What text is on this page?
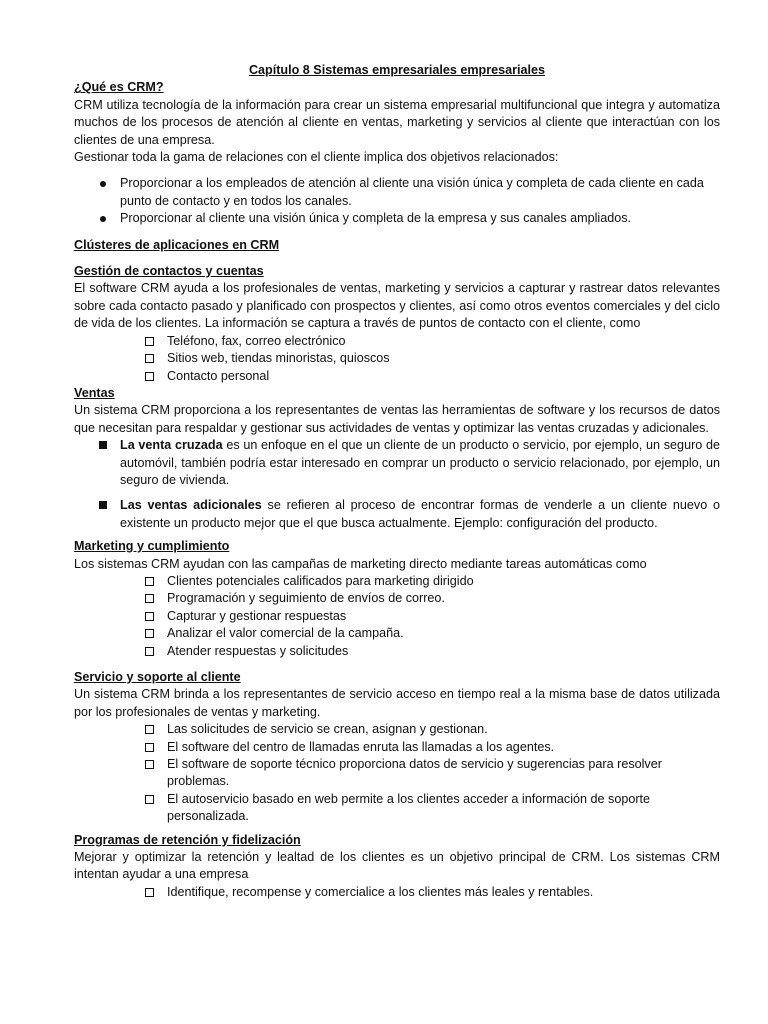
Capítulo 8 Sistemas empresariales empresariales

¿Qué es CRM?

CRM utiliza tecnología de la información para crear un sistema empresarial multifuncional que integra y automatiza muchos de los procesos de atención al cliente en ventas, marketing y servicios al cliente que interactúan con los clientes de una empresa.

Gestionar toda la gama de relaciones con el cliente implica dos objetivos relacionados:

Proporcionar a los empleados de atención al cliente una visión única y completa de cada cliente en cada punto de contacto y en todos los canales.
Proporcionar al cliente una visión única y completa de la empresa y sus canales ampliados.

Clústeres de aplicaciones en CRM

Gestión de contactos y cuentas

El software CRM ayuda a los profesionales de ventas, marketing y servicios a capturar y rastrear datos relevantes sobre cada contacto pasado y planificado con prospectos y clientes, así como otros eventos comerciales y del ciclo de vida de los clientes. La información se captura a través de puntos de contacto con el cliente, como

Teléfono, fax, correo electrónico
Sitios web, tiendas minoristas, quioscos
Contacto personal

Ventas

Un sistema CRM proporciona a los representantes de ventas las herramientas de software y los recursos de datos que necesitan para respaldar y gestionar sus actividades de ventas y optimizar las ventas cruzadas y adicionales.

La venta cruzada es un enfoque en el que un cliente de un producto o servicio, por ejemplo, un seguro de automóvil, también podría estar interesado en comprar un producto o servicio relacionado, por ejemplo, un seguro de vivienda.
Las ventas adicionales se refieren al proceso de encontrar formas de venderle a un cliente nuevo o existente un producto mejor que el que busca actualmente. Ejemplo: configuración del producto.

Marketing y cumplimiento

Los sistemas CRM ayudan con las campañas de marketing directo mediante tareas automáticas como

Clientes potenciales calificados para marketing dirigido
Programación y seguimiento de envíos de correo.
Capturar y gestionar respuestas
Analizar el valor comercial de la campaña.
Atender respuestas y solicitudes

Servicio y soporte al cliente

Un sistema CRM brinda a los representantes de servicio acceso en tiempo real a la misma base de datos utilizada por los profesionales de ventas y marketing.

Las solicitudes de servicio se crean, asignan y gestionan.
El software del centro de llamadas enruta las llamadas a los agentes.
El software de soporte técnico proporciona datos de servicio y sugerencias para resolver problemas.
El autoservicio basado en web permite a los clientes acceder a información de soporte personalizada.

Programas de retención y fidelización

Mejorar y optimizar la retención y lealtad de los clientes es un objetivo principal de CRM. Los sistemas CRM intentan ayudar a una empresa

Identifique, recompense y comercialice a los clientes más leales y rentables.
